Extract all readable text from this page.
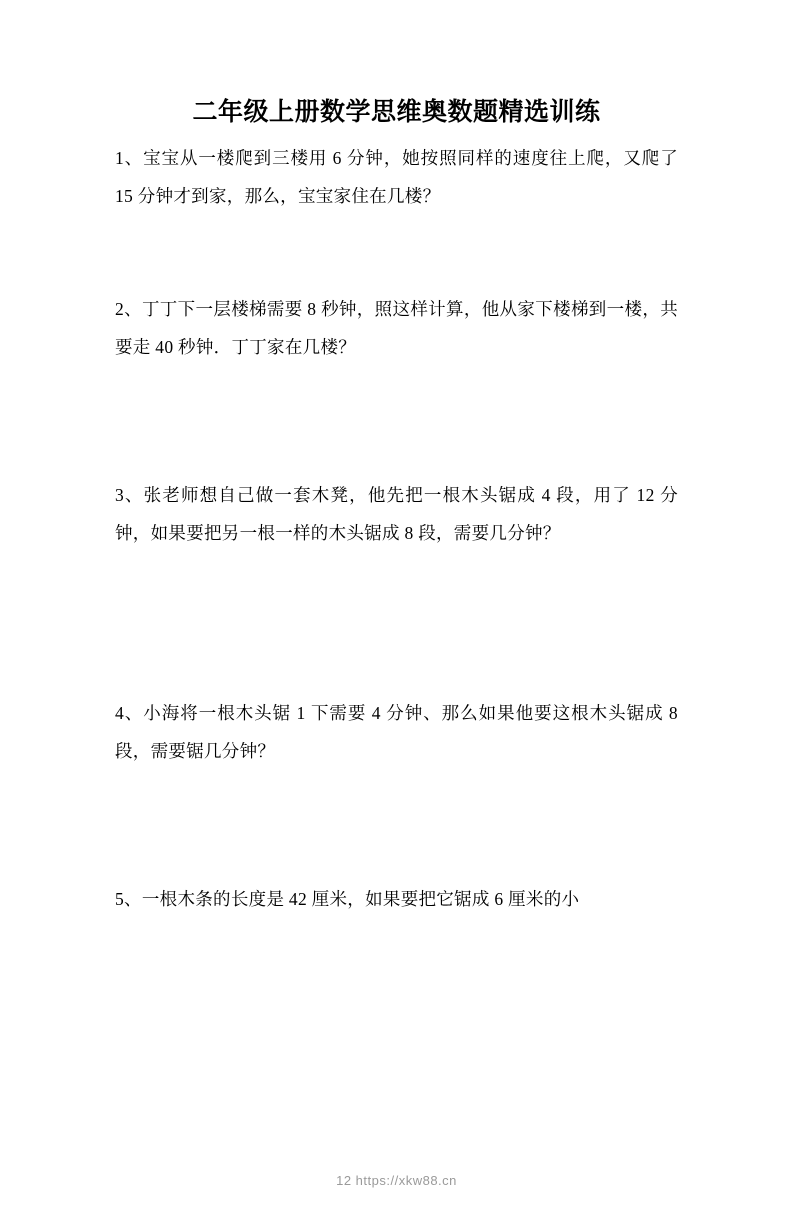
二年级上册数学思维奥数题精选训练

1、宝宝从一楼爬到三楼用 6 分钟，她按照同样的速度往上爬，又爬了 15 分钟才到家，那么，宝宝家住在几楼？

2、丁丁下一层楼梯需要 8 秒钟，照这样计算，他从家下楼梯到一楼，共要走 40 秒钟．丁丁家在几楼？

3、张老师想自己做一套木凳，他先把一根木头锯成 4 段，用了 12 分钟，如果要把另一根一样的木头锯成 8 段，需要几分钟？

4、小海将一根木头锯 1 下需要 4 分钟、那么如果他要这根木头锯成 8 段，需要锯几分钟？

5、一根木条的长度是 42 厘米，如果要把它锯成 6 厘米的小

12 https://xkw88.cn
